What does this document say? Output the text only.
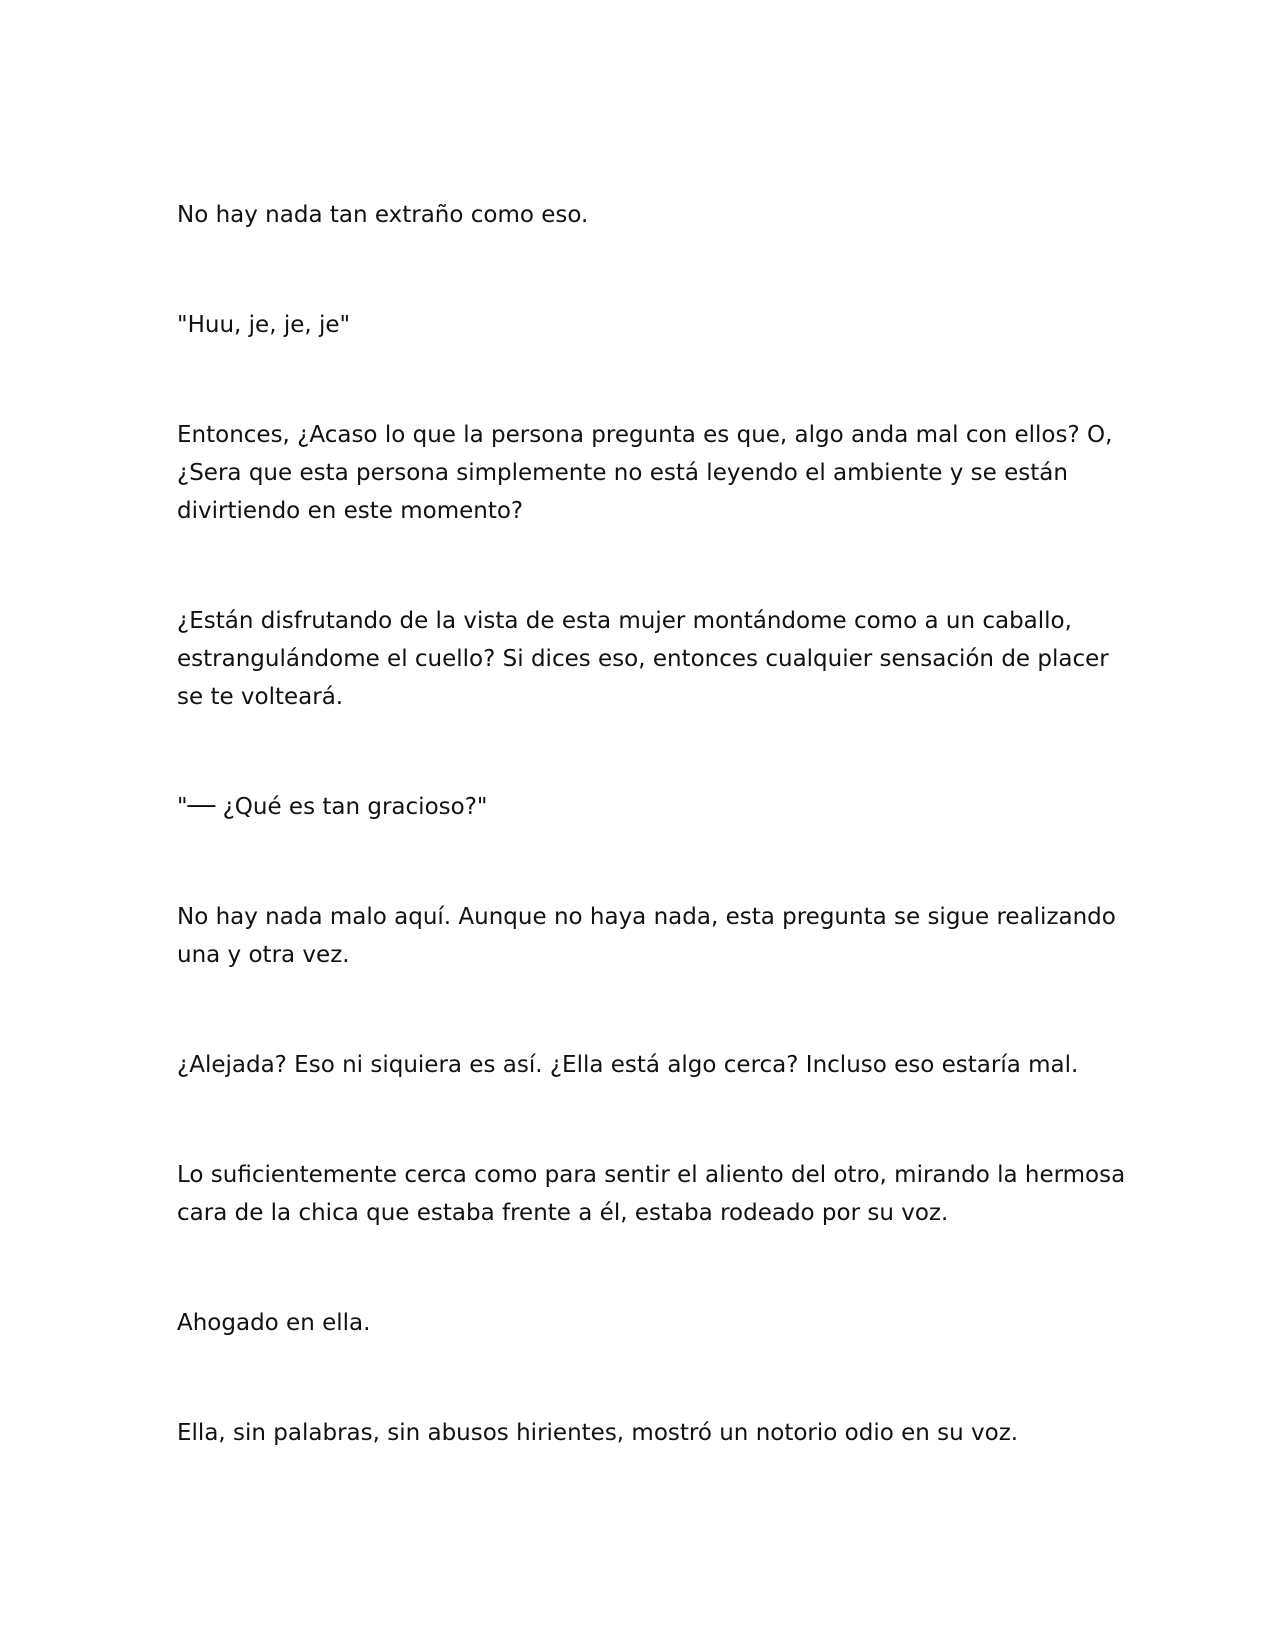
No hay nada tan extraño como eso.

"Huu, je, je, je"

Entonces, ¿Acaso lo que la persona pregunta es que, algo anda mal con ellos? O, ¿Sera que esta persona simplemente no está leyendo el ambiente y se están divirtiendo en este momento?

¿Están disfrutando de la vista de esta mujer montándome como a un caballo, estrangulándome el cuello? Si dices eso, entonces cualquier sensación de placer se te volteará.

"── ¿Qué es tan gracioso?"

No hay nada malo aquí. Aunque no haya nada, esta pregunta se sigue realizando una y otra vez.

¿Alejada? Eso ni siquiera es así. ¿Ella está algo cerca? Incluso eso estaría mal.

Lo suficientemente cerca como para sentir el aliento del otro, mirando la hermosa cara de la chica que estaba frente a él, estaba rodeado por su voz.

Ahogado en ella.

Ella, sin palabras, sin abusos hirientes, mostró un notorio odio en su voz.
